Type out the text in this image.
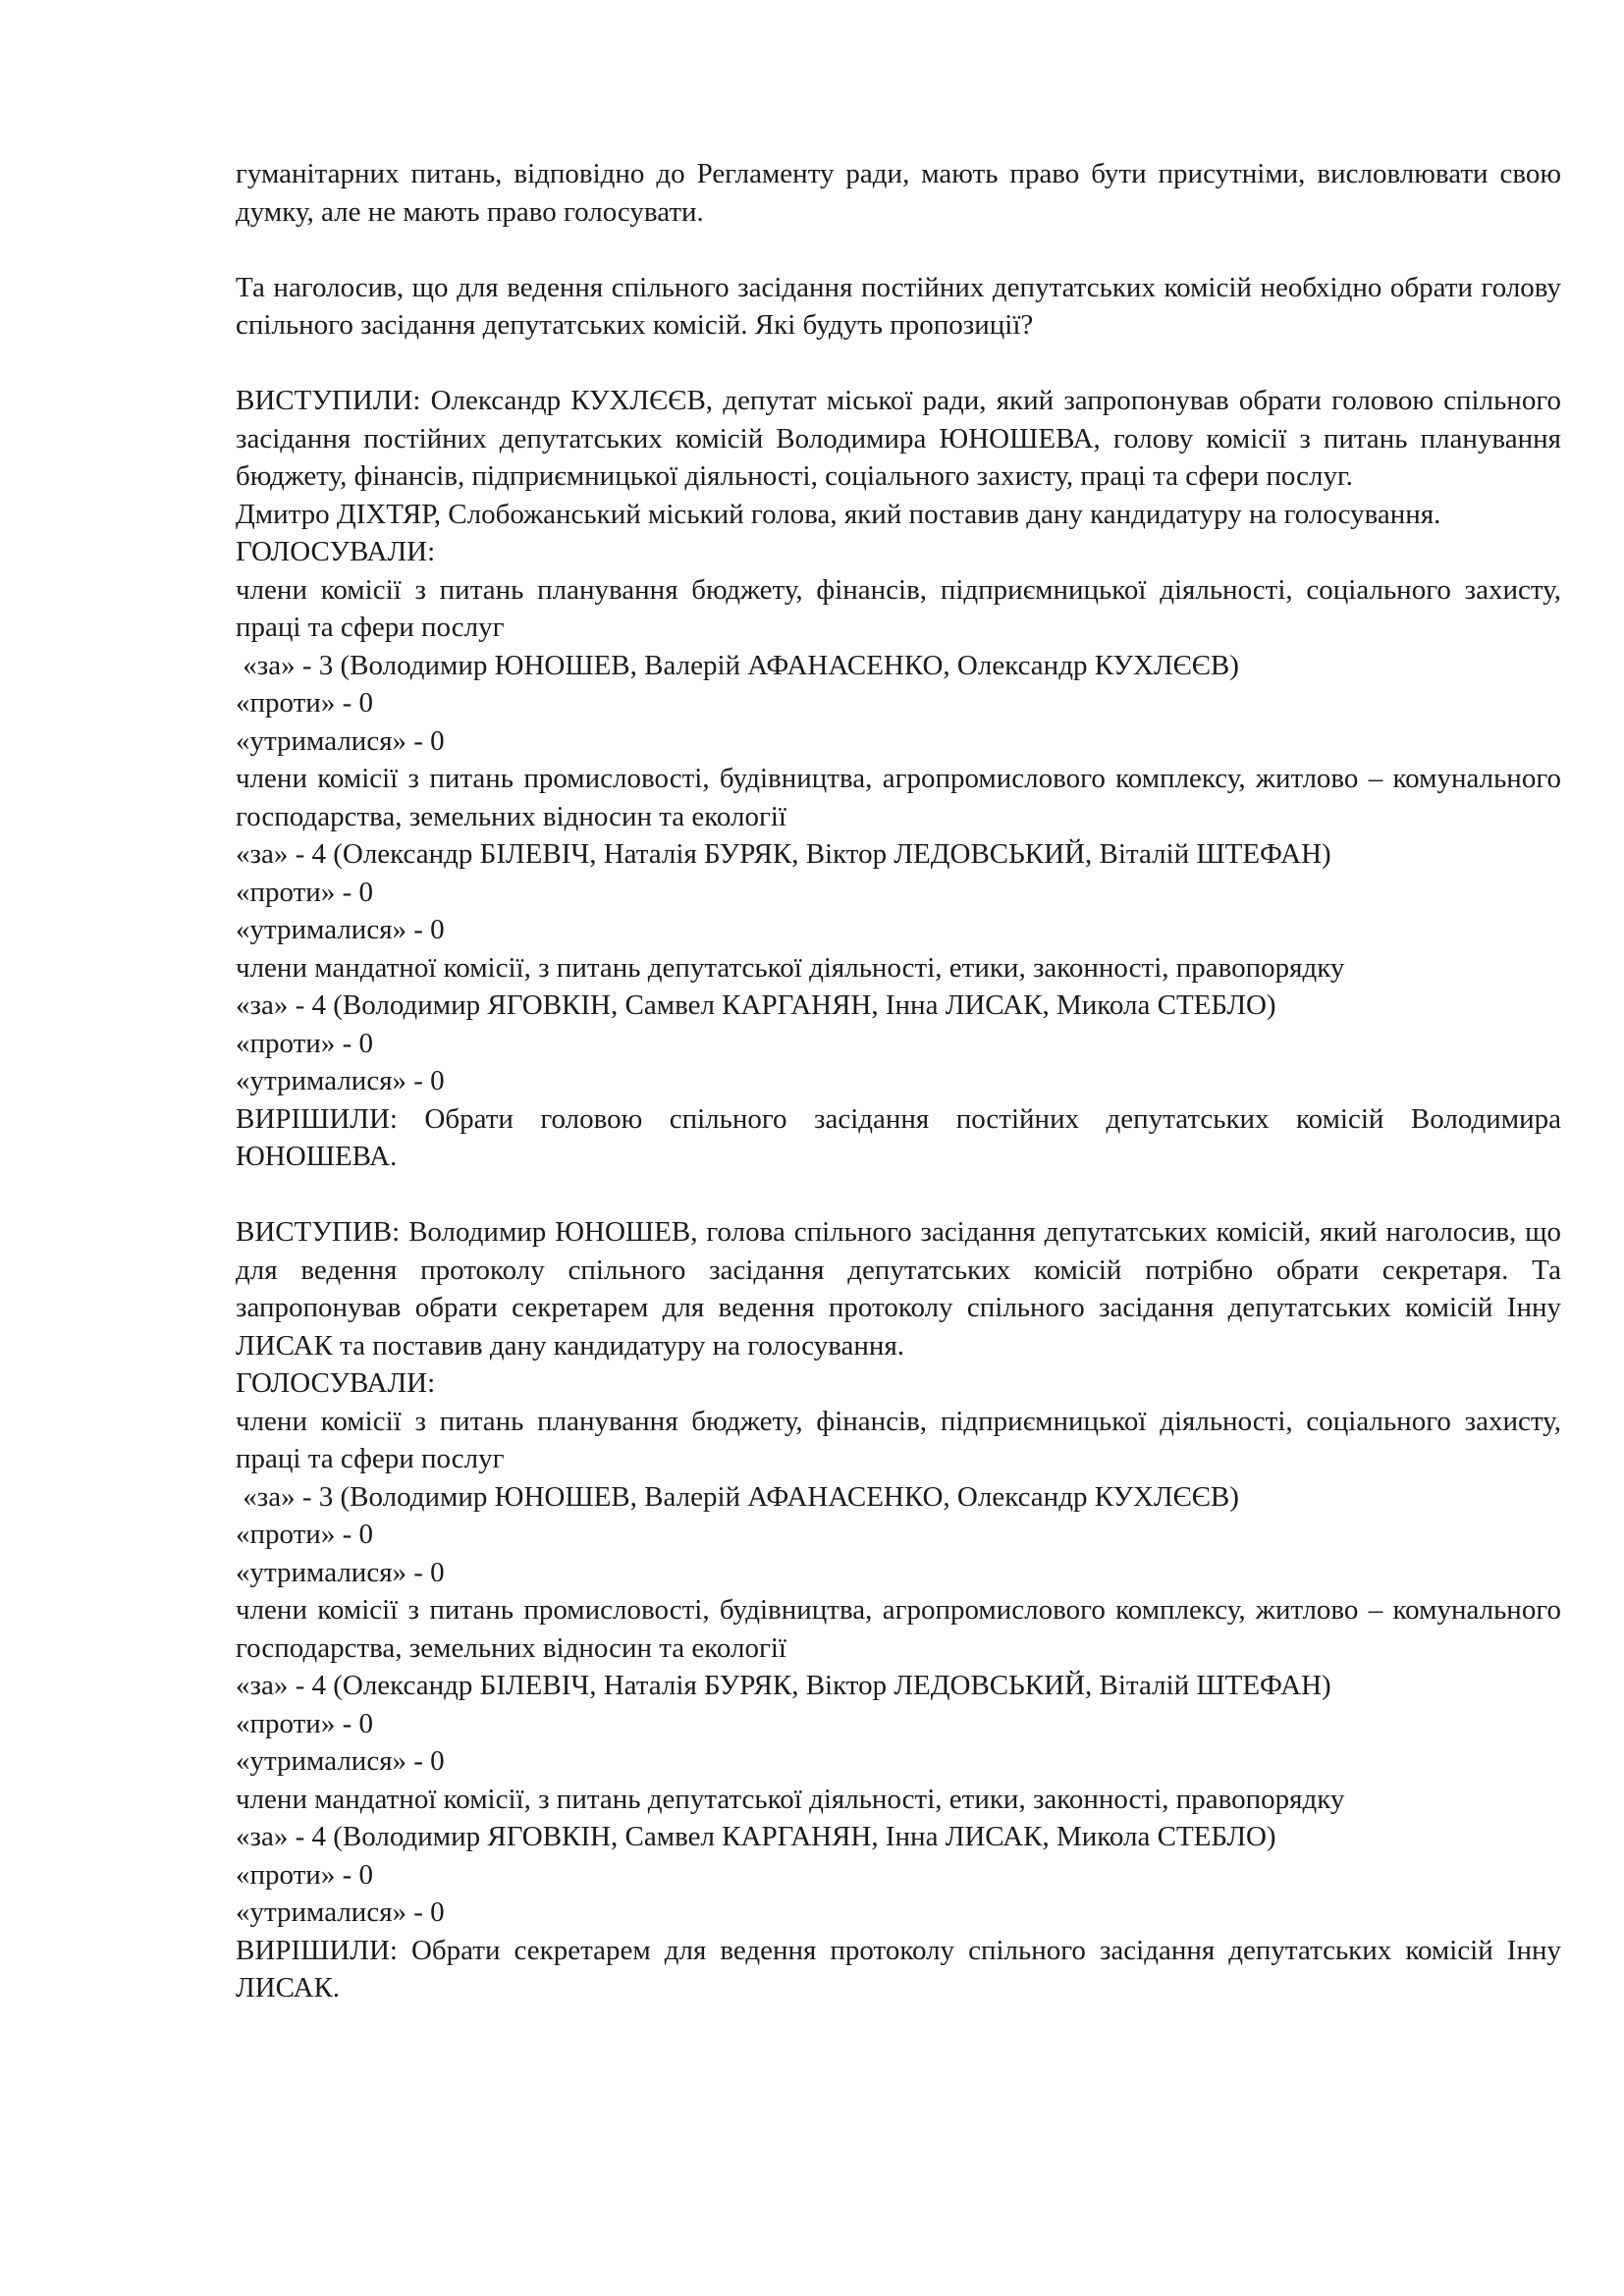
гуманітарних питань, відповідно до Регламенту ради, мають право бути присутніми, висловлювати свою думку, але не мають право голосувати.

Та наголосив, що для ведення спільного засідання постійних депутатських комісій необхідно обрати голову спільного засідання депутатських комісій. Які будуть пропозиції?

ВИСТУПИЛИ: Олександр КУХЛЄЄВ, депутат міської ради, який запропонував обрати головою спільного засідання постійних депутатських комісій Володимира ЮНОШЕВА, голову комісії з питань планування бюджету, фінансів, підприємницької діяльності, соціального захисту, праці та сфери послуг.

Дмитро ДІХТЯР, Слобожанський міський голова, який поставив дану кандидатуру на голосування.

ГОЛОСУВАЛИ:

члени комісії з питань планування бюджету, фінансів, підприємницької діяльності, соціального захисту, праці та сфери послуг

«за» - 3 (Володимир ЮНОШЕВ, Валерій АФАНАСЕНКО, Олександр КУХЛЄЄВ)

«проти» - 0

«утрималися» - 0

члени комісії з питань промисловості, будівництва, агропромислового комплексу, житлово – комунального господарства, земельних відносин та екології

«за» - 4 (Олександр БІЛЕВІЧ, Наталія БУРЯК, Віктор ЛЕДОВСЬКИЙ, Віталій ШТЕФАН)

«проти» - 0

«утрималися» - 0

члени мандатної комісії, з питань депутатської діяльності, етики, законності, правопорядку

«за» - 4 (Володимир ЯГОВКІН, Самвел КАРГАНЯН, Інна ЛИСАК, Микола СТЕБЛО)

«проти» - 0

«утрималися» - 0

ВИРІШИЛИ: Обрати головою спільного засідання постійних депутатських комісій Володимира ЮНОШЕВА.

ВИСТУПИВ: Володимир ЮНОШЕВ, голова спільного засідання депутатських комісій, який наголосив, що для ведення протоколу спільного засідання депутатських комісій потрібно обрати секретаря. Та запропонував обрати секретарем для ведення протоколу спільного засідання депутатських комісій Інну ЛИСАК та поставив дану кандидатуру на голосування.

ГОЛОСУВАЛИ:

члени комісії з питань планування бюджету, фінансів, підприємницької діяльності, соціального захисту, праці та сфери послуг

«за» - 3 (Володимир ЮНОШЕВ, Валерій АФАНАСЕНКО, Олександр КУХЛЄЄВ)

«проти» - 0

«утрималися» - 0

члени комісії з питань промисловості, будівництва, агропромислового комплексу, житлово – комунального господарства, земельних відносин та екології

«за» - 4 (Олександр БІЛЕВІЧ, Наталія БУРЯК, Віктор ЛЕДОВСЬКИЙ, Віталій ШТЕФАН)

«проти» - 0

«утрималися» - 0

члени мандатної комісії, з питань депутатської діяльності, етики, законності, правопорядку

«за» - 4 (Володимир ЯГОВКІН, Самвел КАРГАНЯН, Інна ЛИСАК, Микола СТЕБЛО)

«проти» - 0

«утрималися» - 0

ВИРІШИЛИ: Обрати секретарем для ведення протоколу спільного засідання депутатських комісій Інну ЛИСАК.
